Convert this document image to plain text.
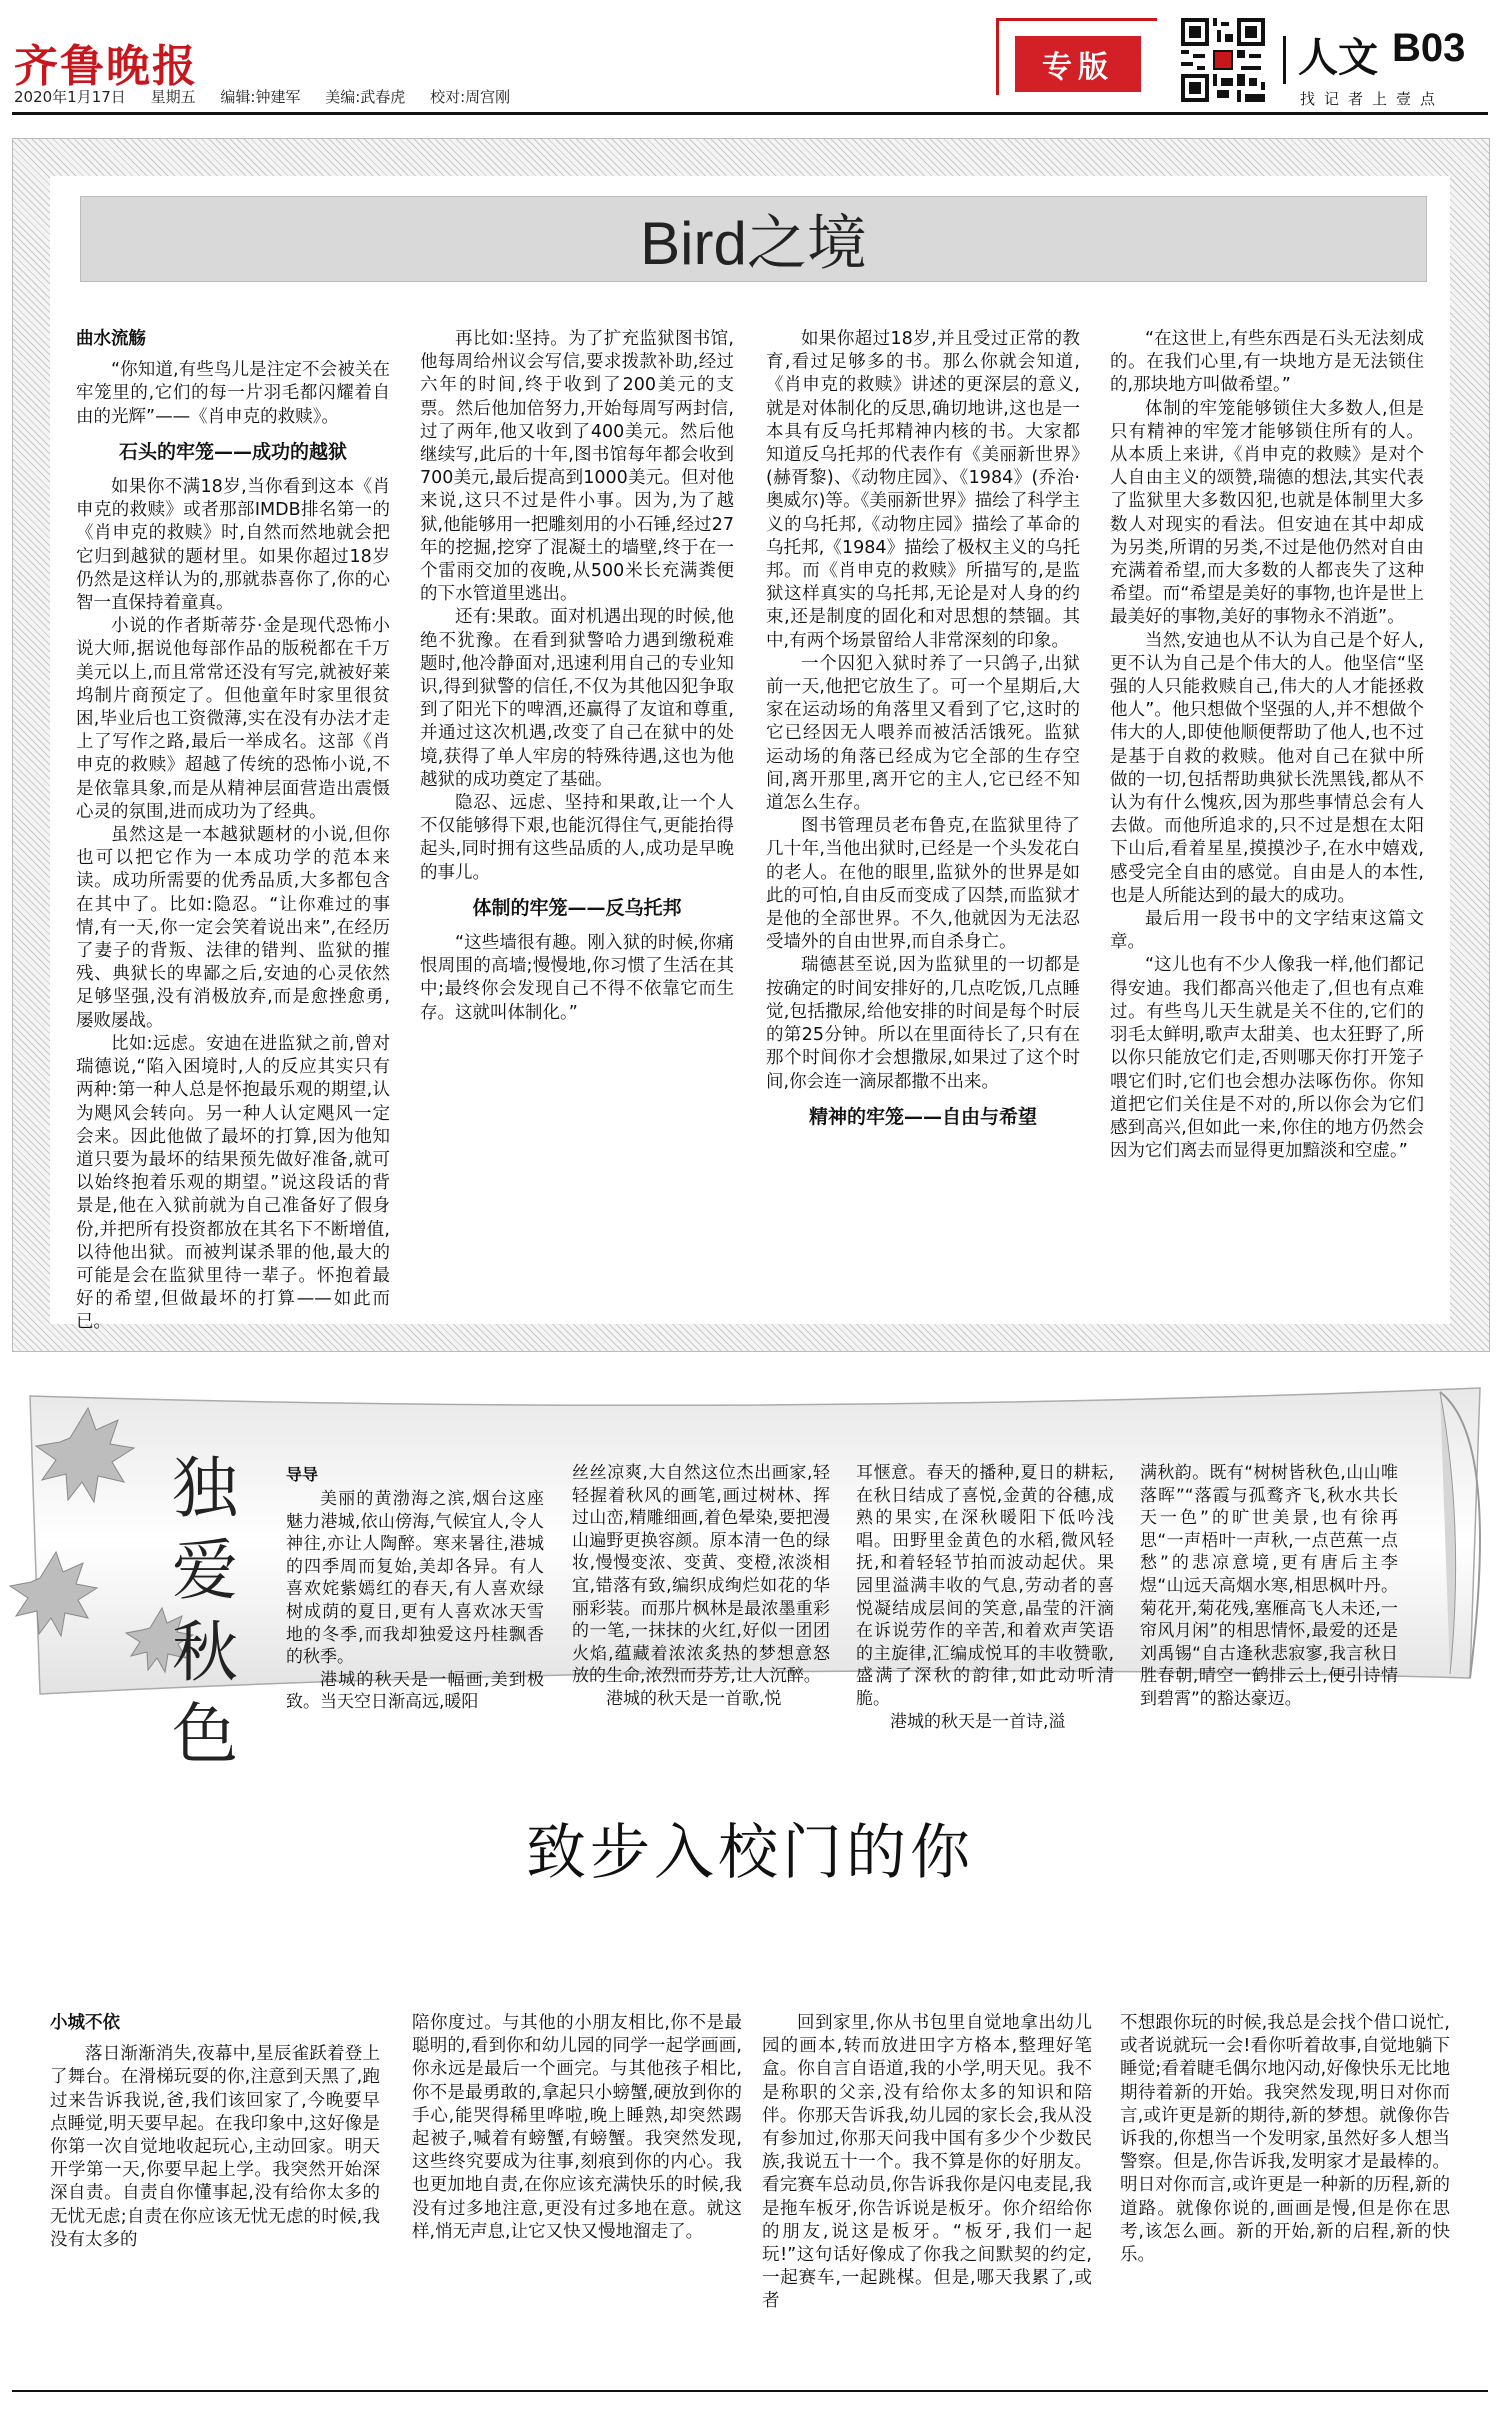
齐鲁晚报
2020年1月17日 星期五 编辑:钟建军 美编:武春虎 校对:周宫刚
专版	人文 B03
找记者上壹点
Bird之境

曲水流觞

“你知道,有些鸟儿是注定不会被关在牢笼里的,它们的每一片羽毛都闪耀着自由的光辉”——《肖申克的救赎》。

石头的牢笼——成功的越狱

如果你不满18岁,当你看到这本《肖申克的救赎》或者那部IMDB排名第一的《肖申克的救赎》时,自然而然地就会把它归到越狱的题材里。如果你超过18岁仍然是这样认为的,那就恭喜你了,你的心智一直保持着童真。

小说的作者斯蒂芬·金是现代恐怖小说大师,据说他每部作品的版税都在千万美元以上,而且常常还没有写完,就被好莱坞制片商预定了。但他童年时家里很贫困,毕业后也工资微薄,实在没有办法才走上了写作之路,最后一举成名。这部《肖申克的救赎》超越了传统的恐怖小说,不是依靠具象,而是从精神层面营造出震慑心灵的氛围,进而成功为了经典。

虽然这是一本越狱题材的小说,但你也可以把它作为一本成功学的范本来读。成功所需要的优秀品质,大多都包含在其中了。比如:隐忍。“让你难过的事情,有一天,你一定会笑着说出来”,在经历了妻子的背叛、法律的错判、监狱的摧残、典狱长的卑鄙之后,安迪的心灵依然足够坚强,没有消极放弃,而是愈挫愈勇,屡败屡战。

比如:远虑。安迪在进监狱之前,曾对瑞德说,“陷入困境时,人的反应其实只有两种:第一种人总是怀抱最乐观的期望,认为飓风会转向。另一种人认定飓风一定会来。因此他做了最坏的打算,因为他知道只要为最坏的结果预先做好准备,就可以始终抱着乐观的期望。”说这段话的背景是,他在入狱前就为自己准备好了假身份,并把所有投资都放在其名下不断增值,以待他出狱。而被判谋杀罪的他,最大的可能是会在监狱里待一辈子。怀抱着最好的希望,但做最坏的打算——如此而已。

再比如:坚持。为了扩充监狱图书馆,他每周给州议会写信,要求拨款补助,经过六年的时间,终于收到了200美元的支票。然后他加倍努力,开始每周写两封信,过了两年,他又收到了400美元。然后他继续写,此后的十年,图书馆每年都会收到700美元,最后提高到1000美元。但对他来说,这只不过是件小事。因为,为了越狱,他能够用一把雕刻用的小石锤,经过27年的挖掘,挖穿了混凝土的墙壁,终于在一个雷雨交加的夜晚,从500米长充满粪便的下水管道里逃出。

还有:果敢。面对机遇出现的时候,他绝不犹豫。在看到狱警哈力遇到缴税难题时,他冷静面对,迅速利用自己的专业知识,得到狱警的信任,不仅为其他囚犯争取到了阳光下的啤酒,还赢得了友谊和尊重,并通过这次机遇,改变了自己在狱中的处境,获得了单人牢房的特殊待遇,这也为他越狱的成功奠定了基础。

隐忍、远虑、坚持和果敢,让一个人不仅能够得下艰,也能沉得住气,更能抬得起头,同时拥有这些品质的人,成功是早晚的事儿。

体制的牢笼——反乌托邦

“这些墙很有趣。刚入狱的时候,你痛恨周围的高墙;慢慢地,你习惯了生活在其中;最终你会发现自己不得不依靠它而生存。这就叫体制化。”

如果你超过18岁,并且受过正常的教育,看过足够多的书。那么你就会知道,《肖申克的救赎》讲述的更深层的意义,就是对体制化的反思,确切地讲,这也是一本具有反乌托邦精神内核的书。大家都知道反乌托邦的代表作有《美丽新世界》(赫胥黎)、《动物庄园》、《1984》(乔治·奥威尔)等。《美丽新世界》描绘了科学主义的乌托邦,《动物庄园》描绘了革命的乌托邦,《1984》描绘了极权主义的乌托邦。而《肖申克的救赎》所描写的,是监狱这样真实的乌托邦,无论是对人身的约束,还是制度的固化和对思想的禁锢。其中,有两个场景留给人非常深刻的印象。

一个囚犯入狱时养了一只鸽子,出狱前一天,他把它放生了。可一个星期后,大家在运动场的角落里又看到了它,这时的它已经因无人喂养而被活活饿死。监狱运动场的角落已经成为它全部的生存空间,离开那里,离开它的主人,它已经不知道怎么生存。

图书管理员老布鲁克,在监狱里待了几十年,当他出狱时,已经是一个头发花白的老人。在他的眼里,监狱外的世界是如此的可怕,自由反而变成了囚禁,而监狱才是他的全部世界。不久,他就因为无法忍受墙外的自由世界,而自杀身亡。

瑞德甚至说,因为监狱里的一切都是按确定的时间安排好的,几点吃饭,几点睡觉,包括撒尿,给他安排的时间是每个时辰的第25分钟。所以在里面待长了,只有在那个时间你才会想撒尿,如果过了这个时间,你会连一滴尿都撒不出来。

精神的牢笼——自由与希望

“在这世上,有些东西是石头无法刻成的。在我们心里,有一块地方是无法锁住的,那块地方叫做希望。”

体制的牢笼能够锁住大多数人,但是只有精神的牢笼才能够锁住所有的人。从本质上来讲,《肖申克的救赎》是对个人自由主义的颂赞,瑞德的想法,其实代表了监狱里大多数囚犯,也就是体制里大多数人对现实的看法。但安迪在其中却成为另类,所谓的另类,不过是他仍然对自由充满着希望,而大多数的人都丧失了这种希望。而“希望是美好的事物,也许是世上最美好的事物,美好的事物永不消逝”。

当然,安迪也从不认为自己是个好人,更不认为自己是个伟大的人。他坚信“坚强的人只能救赎自己,伟大的人才能拯救他人”。他只想做个坚强的人,并不想做个伟大的人,即使他顺便帮助了他人,也不过是基于自救的救赎。他对自己在狱中所做的一切,包括帮助典狱长洗黑钱,都从不认为有什么愧疚,因为那些事情总会有人去做。而他所追求的,只不过是想在太阳下山后,看着星星,摸摸沙子,在水中嬉戏,感受完全自由的感觉。自由是人的本性,也是人所能达到的最大的成功。

最后用一段书中的文字结束这篇文章。

“这儿也有不少人像我一样,他们都记得安迪。我们都高兴他走了,但也有点难过。有些鸟儿天生就是关不住的,它们的羽毛太鲜明,歌声太甜美、也太狂野了,所以你只能放它们走,否则哪天你打开笼子喂它们时,它们也会想办法啄伤你。你知道把它们关住是不对的,所以你会为它们感到高兴,但如此一来,你住的地方仍然会因为它们离去而显得更加黯淡和空虚。”

独爱秋色
导导

美丽的黄渤海之滨,烟台这座魅力港城,依山傍海,气候宜人,令人神往,亦让人陶醉。寒来暑往,港城的四季周而复始,美却各异。有人喜欢姹紫嫣红的春天,有人喜欢绿树成荫的夏日,更有人喜欢冰天雪地的冬季,而我却独爱这丹桂飘香的秋季。

港城的秋天是一幅画,美到极致。当天空日渐高远,暖阳

丝丝凉爽,大自然这位杰出画家,轻轻握着秋风的画笔,画过树林、挥过山峦,精雕细画,着色晕染,要把漫山遍野更换容颜。原本清一色的绿妆,慢慢变浓、变黄、变橙,浓淡相宜,错落有致,编织成绚烂如花的华丽彩装。而那片枫林是最浓墨重彩的一笔,一抹抹的火红,好似一团团火焰,蕴藏着浓浓炙热的梦想意怒放的生命,浓烈而芬芳,让人沉醉。

港城的秋天是一首歌,悦

耳惬意。春天的播种,夏日的耕耘,在秋日结成了喜悦,金黄的谷穗,成熟的果实,在深秋暖阳下低吟浅唱。田野里金黄色的水稻,微风轻抚,和着轻轻节拍而波动起伏。果园里溢满丰收的气息,劳动者的喜悦凝结成层间的笑意,晶莹的汗滴在诉说劳作的辛苦,和着欢声笑语的主旋律,汇编成悦耳的丰收赞歌,盛满了深秋的韵律,如此动听清脆。

港城的秋天是一首诗,溢

满秋韵。既有“树树皆秋色,山山唯落晖”“落霞与孤鹜齐飞,秋水共长天一色”的旷世美景,也有徐再思“一声梧叶一声秋,一点芭蕉一点愁”的悲凉意境,更有唐后主李煜“山远天高烟水寒,相思枫叶丹。菊花开,菊花残,塞雁高飞人未还,一帘风月闲”的相思情怀,最爱的还是刘禹锡“自古逢秋悲寂寥,我言秋日胜春朝,晴空一鹤排云上,便引诗情到碧霄”的豁达豪迈。

致步入校门的你

小城不依

落日渐渐消失,夜幕中,星辰雀跃着登上了舞台。在滑梯玩耍的你,注意到天黑了,跑过来告诉我说,爸,我们该回家了,今晚要早点睡觉,明天要早起。在我印象中,这好像是你第一次自觉地收起玩心,主动回家。明天开学第一天,你要早起上学。我突然开始深深自责。自责自你懂事起,没有给你太多的无忧无虑;自责在你应该无忧无虑的时候,我没有太多的

陪你度过。与其他的小朋友相比,你不是最聪明的,看到你和幼儿园的同学一起学画画,你永远是最后一个画完。与其他孩子相比,你不是最勇敢的,拿起只小螃蟹,硬放到你的手心,能哭得稀里哗啦,晚上睡熟,却突然踢起被子,喊着有螃蟹,有螃蟹。我突然发现,这些终究要成为往事,刻痕到你的内心。我也更加地自责,在你应该充满快乐的时候,我没有过多地注意,更没有过多地在意。就这样,悄无声息,让它又快又慢地溜走了。

回到家里,你从书包里自觉地拿出幼儿园的画本,转而放进田字方格本,整理好笔盒。你自言自语道,我的小学,明天见。我不是称职的父亲,没有给你太多的知识和陪伴。你那天告诉我,幼儿园的家长会,我从没有参加过,你那天问我中国有多少个少数民族,我说五十一个。我不算是你的好朋友。看完赛车总动员,你告诉我你是闪电麦昆,我是拖车板牙,你告诉说是板牙。你介绍给你的朋友,说这是板牙。“板牙,我们一起玩!”这句话好像成了你我之间默契的约定,一起赛车,一起跳楳。但是,哪天我累了,或者

不想跟你玩的时候,我总是会找个借口说忙,或者说就玩一会!看你听着故事,自觉地躺下睡觉;看着睫毛偶尔地闪动,好像快乐无比地期待着新的开始。我突然发现,明日对你而言,或许更是新的期待,新的梦想。就像你告诉我的,你想当一个发明家,虽然好多人想当警察。但是,你告诉我,发明家才是最棒的。明日对你而言,或许更是一种新的历程,新的道路。就像你说的,画画是慢,但是你在思考,该怎么画。新的开始,新的启程,新的快乐。
